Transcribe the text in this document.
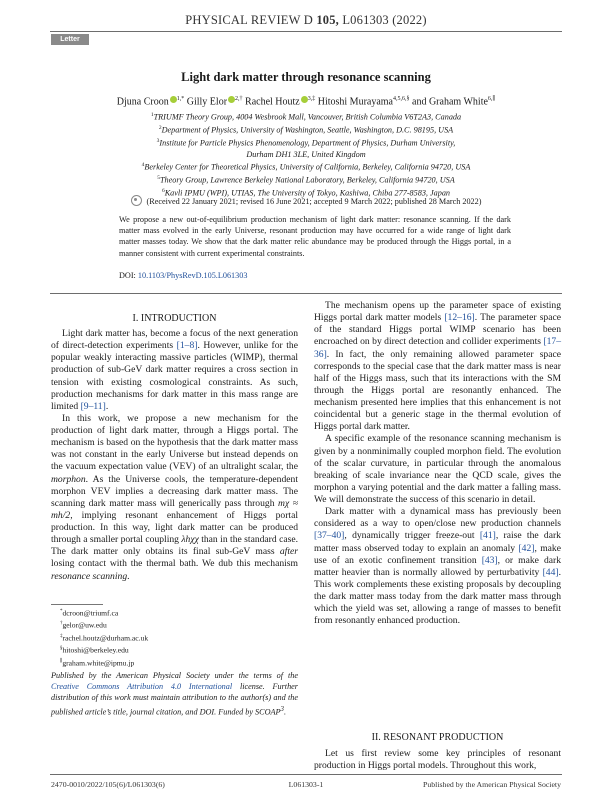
PHYSICAL REVIEW D 105, L061303 (2022)
Letter
Light dark matter through resonance scanning
Djuna Croon $^{1,*}$ Gilly Elor $^{2,\dagger}$ Rachel Houtz $^{3,\ddagger}$ Hitoshi Murayama$^{4,5,6,\S}$ and Graham White$^{6,\parallel}$
$^1$TRIUMF Theory Group, 4004 Wesbrook Mall, Vancouver, British Columbia V6T2A3, Canada
$^2$Department of Physics, University of Washington, Seattle, Washington, D.C. 98195, USA
$^3$Institute for Particle Physics Phenomenology, Department of Physics, Durham University,
Durham DH1 3LE, United Kingdom
$^4$Berkeley Center for Theoretical Physics, University of California, Berkeley, California 94720, USA
$^5$Theory Group, Lawrence Berkeley National Laboratory, Berkeley, California 94720, USA
$^6$Kavli IPMU (WPI), UTIAS, The University of Tokyo, Kashiwa, Chiba 277-8583, Japan
(Received 22 January 2021; revised 16 June 2021; accepted 9 March 2022; published 28 March 2022)
We propose a new out-of-equilibrium production mechanism of light dark matter: resonance scanning. If the dark matter mass evolved in the early Universe, resonant production may have occurred for a wide range of light dark matter masses today. We show that the dark matter relic abundance may be produced through the Higgs portal, in a manner consistent with current experimental constraints.
DOI: 10.1103/PhysRevD.105.L061303
I. INTRODUCTION

Light dark matter has, become a focus of the next generation of direct-detection experiments [1–8]. However, unlike for the popular weakly interacting massive particles (WIMP), thermal production of sub-GeV dark matter requires a cross section in tension with existing cosmological constraints. As such, production mechanisms for dark matter in this mass range are limited [9–11].

In this work, we propose a new mechanism for the production of light dark matter, through a Higgs portal. The mechanism is based on the hypothesis that the dark matter mass was not constant in the early Universe but instead depends on the vacuum expectation value (VEV) of an ultralight scalar, the morphon. As the Universe cools, the temperature-dependent morphon VEV implies a decreasing dark matter mass. The scanning dark matter mass will generically pass through mχ ≈ mh/2, implying resonant enhancement of Higgs portal production. In this way, light dark matter can be produced through a smaller portal coupling λhχχ than in the standard case. The dark matter only obtains its final sub-GeV mass after losing contact with the thermal bath. We dub this mechanism resonance scanning.

*dcroon@triumf.ca
†gelor@uw.edu
‡rachel.houtz@durham.ac.uk
§hitoshi@berkeley.edu
∥graham.white@ipmu.jp
Published by the American Physical Society under the terms of the Creative Commons Attribution 4.0 International license. Further distribution of this work must maintain attribution to the author(s) and the published article’s title, journal citation, and DOI. Funded by SCOAP$^3$.

The mechanism opens up the parameter space of existing Higgs portal dark matter models [12–16]. The parameter space of the standard Higgs portal WIMP scenario has been encroached on by direct detection and collider experiments [17–36]. In fact, the only remaining allowed parameter space corresponds to the special case that the dark matter mass is near half of the Higgs mass, such that its interactions with the SM through the Higgs portal are resonantly enhanced. The mechanism presented here implies that this enhancement is not coincidental but a generic stage in the thermal evolution of Higgs portal dark matter.

A specific example of the resonance scanning mechanism is given by a nonminimally coupled morphon field. The evolution of the scalar curvature, in particular through the anomalous breaking of scale invariance near the QCD scale, gives the morphon a varying potential and the dark matter a falling mass. We will demonstrate the success of this scenario in detail.

Dark matter with a dynamical mass has previously been considered as a way to open/close new production channels [37–40], dynamically trigger freeze-out [41], raise the dark matter mass observed today to explain an anomaly [42], make use of an exotic confinement transition [43], or make dark matter heavier than is normally allowed by perturbativity [44]. This work complements these existing proposals by decoupling the dark matter mass today from the dark matter mass through which the yield was set, allowing a range of masses to benefit from resonantly enhanced production.

II. RESONANT PRODUCTION

Let us first review some key principles of resonant production in Higgs portal models. Throughout this work,

2470-0010/2022/105(6)/L061303(6)	L061303-1	Published by the American Physical Society
